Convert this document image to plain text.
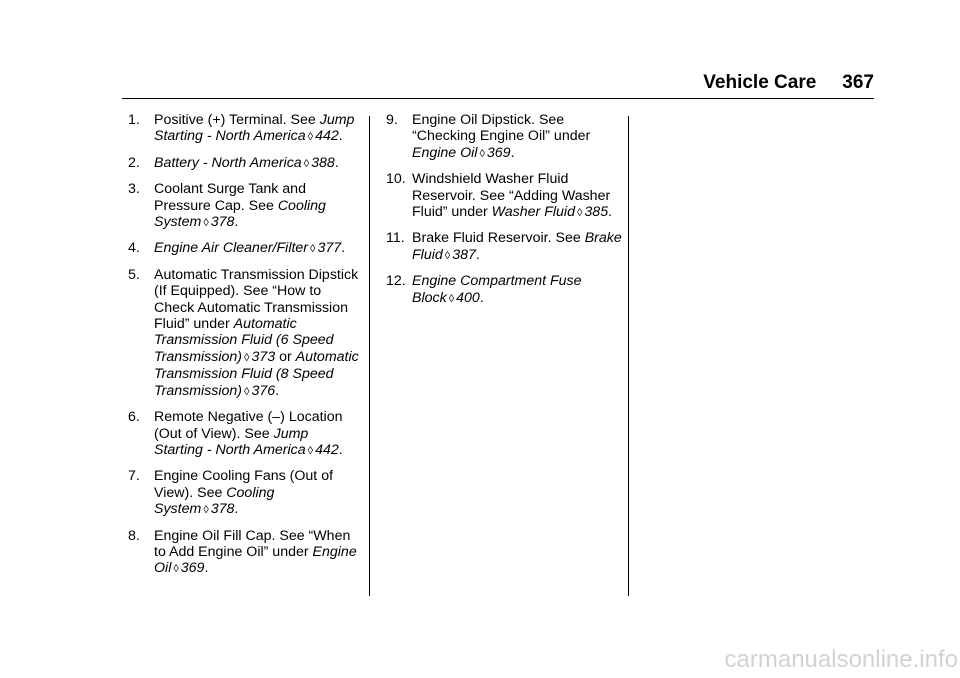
Vehicle Care 367
1. Positive (+) Terminal. See Jump Starting - North America ◊ 442.
2. Battery - North America ◊ 388.
3. Coolant Surge Tank and Pressure Cap. See Cooling System ◊ 378.
4. Engine Air Cleaner/Filter ◊ 377.
5. Automatic Transmission Dipstick (If Equipped). See “How to Check Automatic Transmission Fluid” under Automatic Transmission Fluid (6 Speed Transmission) ◊ 373 or Automatic Transmission Fluid (8 Speed Transmission) ◊ 376.
6. Remote Negative (–) Location (Out of View). See Jump Starting - North America ◊ 442.
7. Engine Cooling Fans (Out of View). See Cooling System ◊ 378.
8. Engine Oil Fill Cap. See “When to Add Engine Oil” under Engine Oil ◊ 369.
9. Engine Oil Dipstick. See “Checking Engine Oil” under Engine Oil ◊ 369.
10. Windshield Washer Fluid Reservoir. See “Adding Washer Fluid” under Washer Fluid ◊ 385.
11. Brake Fluid Reservoir. See Brake Fluid ◊ 387.
12. Engine Compartment Fuse Block ◊ 400.
carmanualsonline.info
